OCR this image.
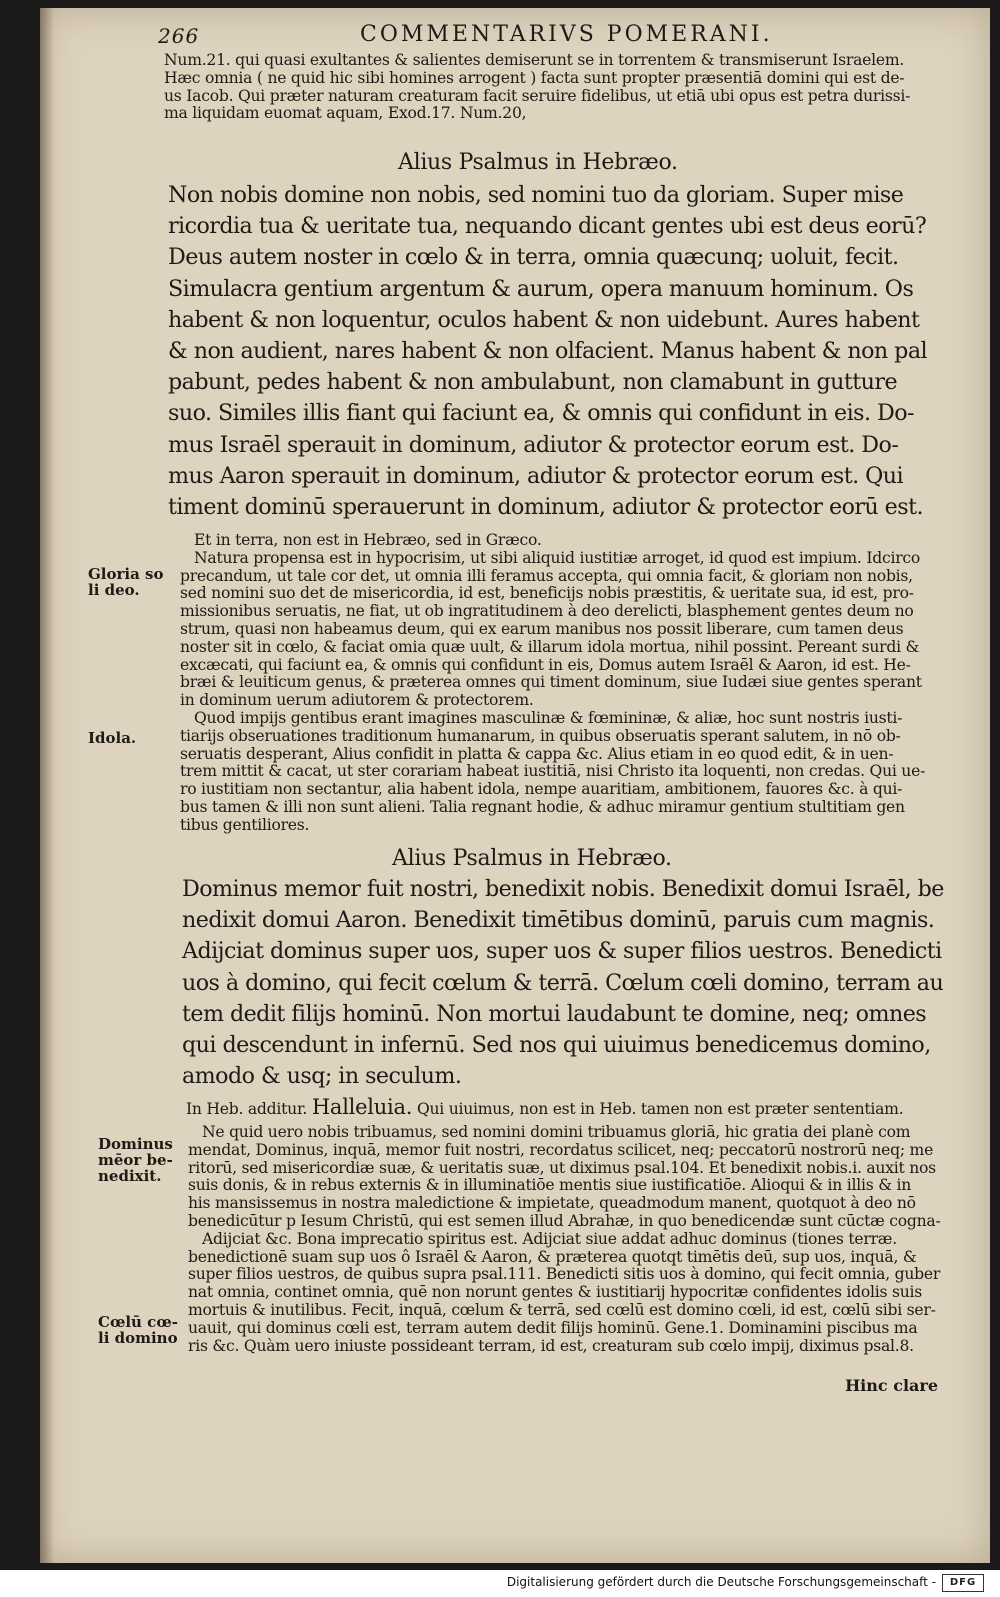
266	COMMENTARIVS POMERANI.
Num.21. qui quasi exultantes & salientes demiserunt se in torrentem & transmiserunt Israelem.
Hæc omnia ( ne quid hic sibi homines arrogent ) facta sunt propter præsentiā domini qui est de-
us Iacob. Qui præter naturam creaturam facit seruire fidelibus, ut etiā ubi opus est petra durissi-
ma liquidam euomat aquam, Exod.17. Num.20,
Alius Psalmus in Hebræo.
Non nobis domine non nobis, sed nomini tuo da gloriam. Super mise
ricordia tua & ueritate tua, nequando dicant gentes ubi est deus eorū?
Deus autem noster in cœlo & in terra, omnia quæcunq; uoluit, fecit.
Simulacra gentium argentum & aurum, opera manuum hominum. Os
habent & non loquentur, oculos habent & non uidebunt. Aures habent
& non audient, nares habent & non olfacient. Manus habent & non pal
pabunt, pedes habent & non ambulabunt, non clamabunt in gutture
suo. Similes illis fiant qui faciunt ea, & omnis qui confidunt in eis. Do-
mus Israēl sperauit in dominum, adiutor & protector eorum est. Do-
mus Aaron sperauit in dominum, adiutor & protector eorum est. Qui
timent dominū sperauerunt in dominum, adiutor & protector eorū est.
Et in terra, non est in Hebræo, sed in Græco.
Natura propensa est in hypocrisim, ut sibi aliquid iustitiæ arroget, id quod est impium. Idcirco
precandum, ut tale cor det, ut omnia illi feramus accepta, qui omnia facit, & gloriam non nobis,
sed nomini suo det de misericordia, id est, beneficijs nobis præstitis, & ueritate sua, id est, pro-
missionibus seruatis, ne fiat, ut ob ingratitudinem à deo derelicti, blasphement gentes deum no
strum, quasi non habeamus deum, qui ex earum manibus nos possit liberare, cum tamen deus
noster sit in cœlo, & faciat omia quæ uult, & illarum idola mortua, nihil possint. Pereant surdi &
excæcati, qui faciunt ea, & omnis qui confidunt in eis, Domus autem Israēl & Aaron, id est. He-
bræi & leuiticum genus, & præterea omnes qui timent dominum, siue Iudæi siue gentes sperant
in dominum uerum adiutorem & protectorem.
Quod impijs gentibus erant imagines masculinæ & fœmininæ, & aliæ, hoc sunt nostris iusti-
tiarijs obseruationes traditionum humanarum, in quibus obseruatis sperant salutem, in nō ob-
seruatis desperant, Alius confidit in platta & cappa &c. Alius etiam in eo quod edit, & in uen-
trem mittit & cacat, ut ster corariam habeat iustitiā, nisi Christo ita loquenti, non credas. Qui ue-
ro iustitiam non sectantur, alia habent idola, nempe auaritiam, ambitionem, fauores &c. à qui-
bus tamen & illi non sunt alieni. Talia regnant hodie, & adhuc miramur gentium stultitiam gen
tibus gentiliores.
Gloria so
li deo.
Idola.
Alius Psalmus in Hebræo.
Dominus memor fuit nostri, benedixit nobis. Benedixit domui Israēl, be
nedixit domui Aaron. Benedixit timētibus dominū, paruis cum magnis.
Adijciat dominus super uos, super uos & super filios uestros. Benedicti
uos à domino, qui fecit cœlum & terrā. Cœlum cœli domino, terram au
tem dedit filijs hominū. Non mortui laudabunt te domine, neq; omnes
qui descendunt in infernū. Sed nos qui uiuimus benedicemus domino,
amodo & usq; in seculum.
In Heb. additur. Halleluia. Qui uiuimus, non est in Heb. tamen non est præter sententiam.
Ne quid uero nobis tribuamus, sed nomini domini tribuamus gloriā, hic gratia dei planè com
mendat, Dominus, inquā, memor fuit nostri, recordatus scilicet, neq; peccatorū nostrorū neq; me
ritorū, sed misericordiæ suæ, & ueritatis suæ, ut diximus psal.104. Et benedixit nobis.i. auxit nos
suis donis, & in rebus externis & in illuminatiōe mentis siue iustificatiōe. Alioqui & in illis & in
his mansissemus in nostra maledictione & impietate, queadmodum manent, quotquot à deo nō
benedicūtur p Iesum Christū, qui est semen illud Abrahæ, in quo benedicendæ sunt cūctæ cogna-
Adijciat &c. Bona imprecatio spiritus est. Adijciat siue addat adhuc dominus (tiones terræ.
benedictionē suam sup uos ô Israēl & Aaron, & præterea quotqt timētis deū, sup uos, inquā, &
super filios uestros, de quibus supra psal.111. Benedicti sitis uos à domino, qui fecit omnia, guber
nat omnia, continet omnia, quē non norunt gentes & iustitiarij hypocritæ confidentes idolis suis
mortuis & inutilibus. Fecit, inquā, cœlum & terrā, sed cœlū est domino cœli, id est, cœlū sibi ser-
uauit, qui dominus cœli est, terram autem dedit filijs hominū. Gene.1. Dominamini piscibus ma
ris &c. Quàm uero iniuste possideant terram, id est, creaturam sub cœlo impij, diximus psal.8.
Dominus
mēor be-
nedixit.
Cœlū cœ-
li domino
Hinc clare
Digitalisierung gefördert durch die Deutsche Forschungsgemeinschaft -	DFG
